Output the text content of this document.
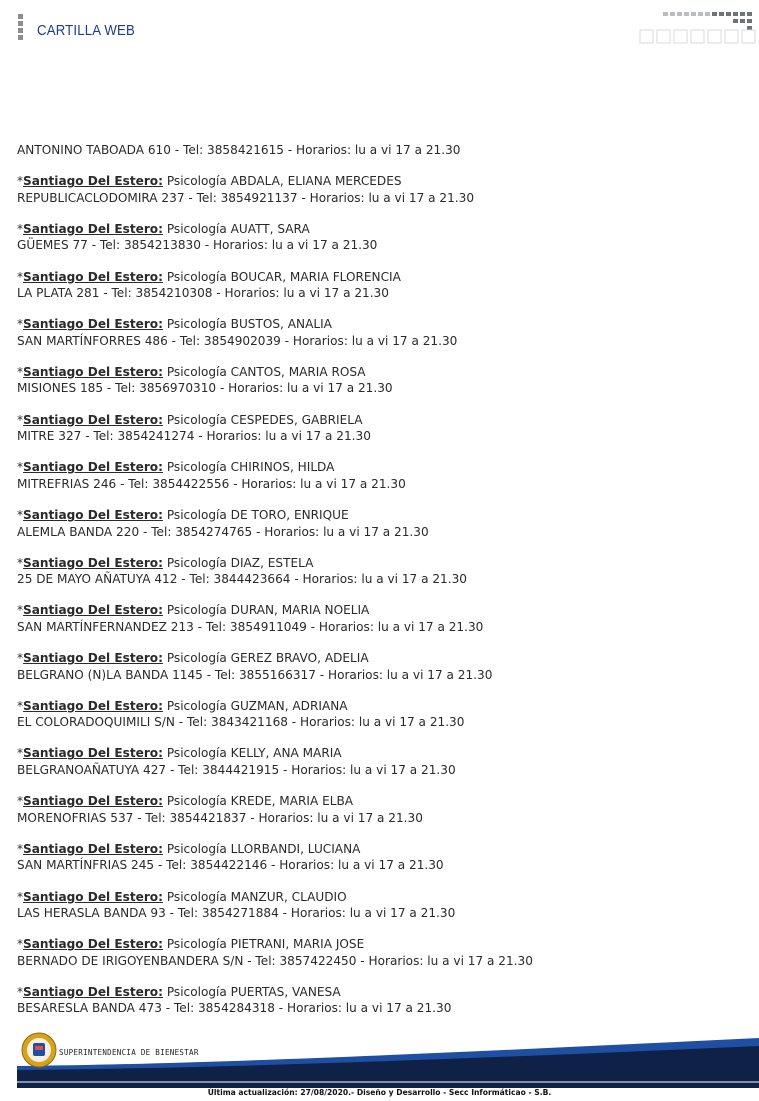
CARTILLA WEB

ANTONINO TABOADA 610 - Tel: 3858421615 - Horarios: lu a vi 17 a 21.30

*Santiago Del Estero: Psicología ABDALA, ELIANA MERCEDES

REPUBLICACLODOMIRA 237 - Tel: 3854921137 - Horarios: lu a vi 17 a 21.30

*Santiago Del Estero: Psicología AUATT, SARA

GÜEMES 77 - Tel: 3854213830 - Horarios: lu a vi 17 a 21.30

*Santiago Del Estero: Psicología BOUCAR, MARIA FLORENCIA

LA PLATA 281 - Tel: 3854210308 - Horarios: lu a vi 17 a 21.30

*Santiago Del Estero: Psicología BUSTOS, ANALIA

SAN MARTÍNFORRES 486 - Tel: 3854902039 - Horarios: lu a vi 17 a 21.30

*Santiago Del Estero: Psicología CANTOS, MARIA ROSA

MISIONES 185 - Tel: 3856970310 - Horarios: lu a vi 17 a 21.30

*Santiago Del Estero: Psicología CESPEDES, GABRIELA

MITRE 327 - Tel: 3854241274 - Horarios: lu a vi 17 a 21.30

*Santiago Del Estero: Psicología CHIRINOS, HILDA

MITREFRIAS 246 - Tel: 3854422556 - Horarios: lu a vi 17 a 21.30

*Santiago Del Estero: Psicología DE TORO, ENRIQUE

ALEMLA BANDA 220 - Tel: 3854274765 - Horarios: lu a vi 17 a 21.30

*Santiago Del Estero: Psicología DIAZ, ESTELA

25 DE MAYO AÑATUYA 412 - Tel: 3844423664 - Horarios: lu a vi 17 a 21.30

*Santiago Del Estero: Psicología DURAN, MARIA NOELIA

SAN MARTÍNFERNANDEZ 213 - Tel: 3854911049 - Horarios: lu a vi 17 a 21.30

*Santiago Del Estero: Psicología GEREZ BRAVO, ADELIA

BELGRANO (N)LA BANDA 1145 - Tel: 3855166317 - Horarios: lu a vi 17 a 21.30

*Santiago Del Estero: Psicología GUZMAN, ADRIANA

EL COLORADOQUIMILI S/N - Tel: 3843421168 - Horarios: lu a vi 17 a 21.30

*Santiago Del Estero: Psicología KELLY, ANA MARIA

BELGRANOAÑATUYA 427 - Tel: 3844421915 - Horarios: lu a vi 17 a 21.30

*Santiago Del Estero: Psicología KREDE, MARIA ELBA

MORENOFRIAS 537 - Tel: 3854421837 - Horarios: lu a vi 17 a 21.30

*Santiago Del Estero: Psicología LLORBANDI, LUCIANA

SAN MARTÍNFRIAS 245 - Tel: 3854422146 - Horarios: lu a vi 17 a 21.30

*Santiago Del Estero: Psicología MANZUR, CLAUDIO

LAS HERASLA BANDA 93 - Tel: 3854271884 - Horarios: lu a vi 17 a 21.30

*Santiago Del Estero: Psicología PIETRANI, MARIA JOSE

BERNADO DE IRIGOYENBANDERA S/N - Tel: 3857422450 - Horarios: lu a vi 17 a 21.30

*Santiago Del Estero: Psicología PUERTAS, VANESA

BESARESLA BANDA 473 - Tel: 3854284318 - Horarios: lu a vi 17 a 21.30

SUPERINTENDENCIA DE BIENESTAR
Última actualización: 27/08/2020.- Diseño y Desarrollo - Secc Informáticao - S.B.
